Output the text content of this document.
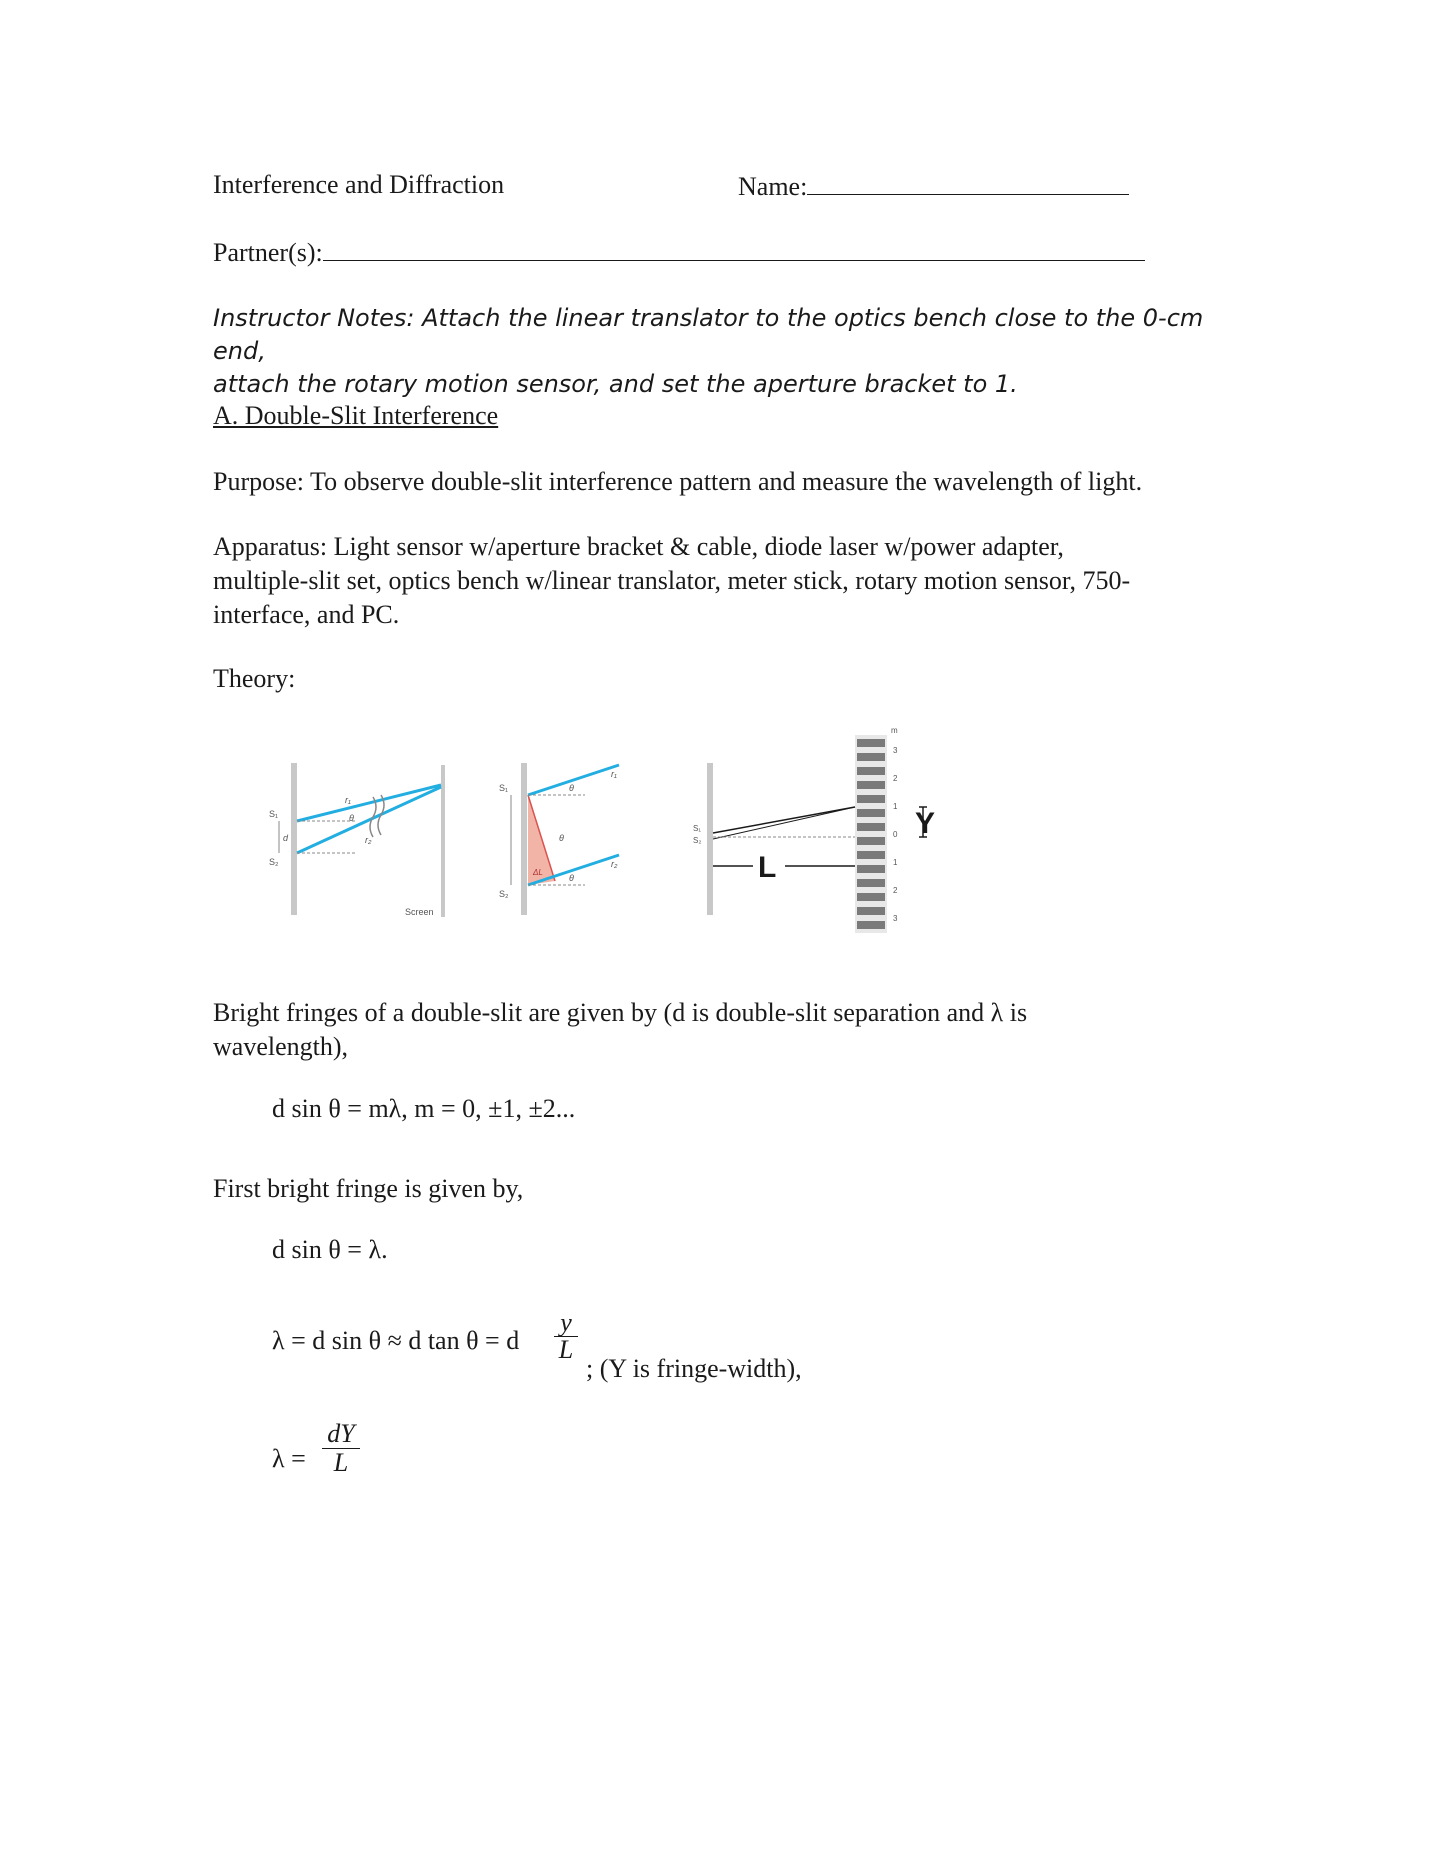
Interference and Diffraction	Name:
Partner(s):
Instructor Notes: Attach the linear translator to the optics bench close to the 0-cm end,
attach the rotary motion sensor, and set the aperture bracket to 1.
A. Double-Slit Interference
Purpose: To observe double-slit interference pattern and measure the wavelength of light.
Apparatus: Light sensor w/aperture bracket & cable, diode laser w/power adapter,
multiple-slit set, optics bench w/linear translator, meter stick, rotary motion sensor, 750-
interface, and PC.
Theory:
S₁
S₂
d
θ
r₁
r₂
Screen
S₁
S₂
θ
θ
θ
ΔL
r₁
r₂	L
Y
S₁
S₂
m
3
2
1
0
1
2
3
Bright fringes of a double-slit are given by (d is double-slit separation and λ is
wavelength),
d sin θ = mλ, m = 0, ±1, ±2...
First bright fringe is given by,
d sin θ = λ.
λ = d sin θ ≈ d tan θ = d
y
L
; (Y is fringe-width),
λ =
dY
L
